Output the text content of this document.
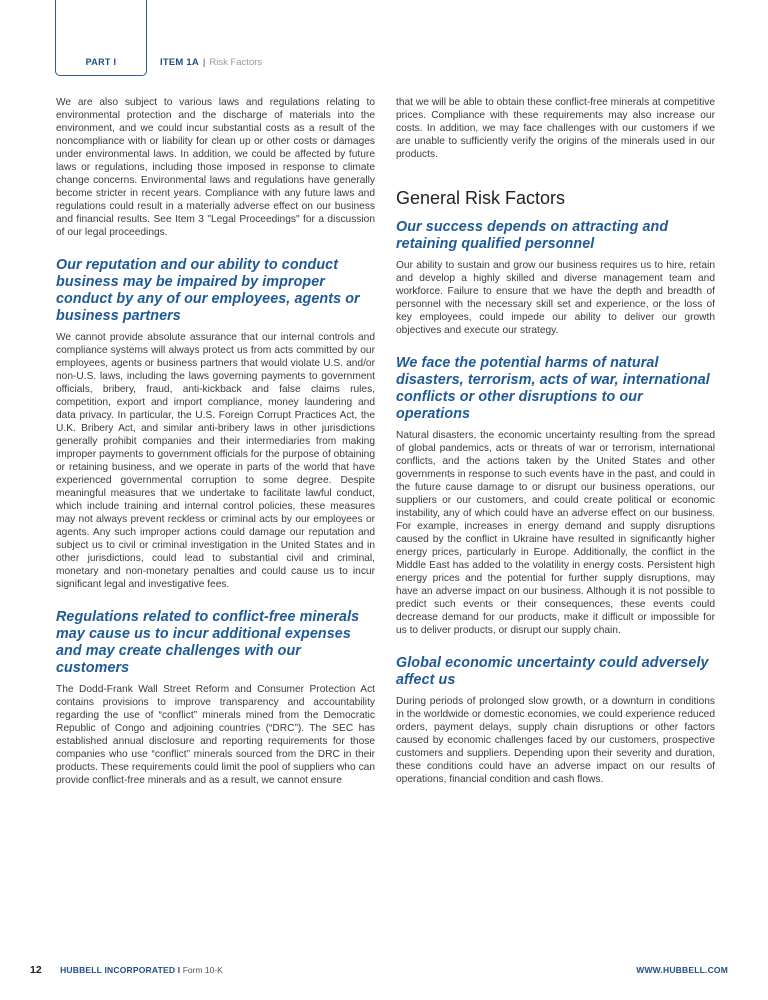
PART I	ITEM 1A | Risk Factors

We are also subject to various laws and regulations relating to environmental protection and the discharge of materials into the environment, and we could incur substantial costs as a result of the noncompliance with or liability for clean up or other costs or damages under environmental laws. In addition, we could be affected by future laws or regulations, including those imposed in response to climate change concerns. Environmental laws and regulations have generally become stricter in recent years. Compliance with any future laws and regulations could result in a materially adverse effect on our business and financial results. See Item 3 "Legal Proceedings" for a discussion of our legal proceedings.

Our reputation and our ability to conduct business may be impaired by improper conduct by any of our employees, agents or business partners

We cannot provide absolute assurance that our internal controls and compliance systems will always protect us from acts committed by our employees, agents or business partners that would violate U.S. and/or non-U.S. laws, including the laws governing payments to government officials, bribery, fraud, anti-kickback and false claims rules, competition, export and import compliance, money laundering and data privacy. In particular, the U.S. Foreign Corrupt Practices Act, the U.K. Bribery Act, and similar anti-bribery laws in other jurisdictions generally prohibit companies and their intermediaries from making improper payments to government officials for the purpose of obtaining or retaining business, and we operate in parts of the world that have experienced governmental corruption to some degree. Despite meaningful measures that we undertake to facilitate lawful conduct, which include training and internal control policies, these measures may not always prevent reckless or criminal acts by our employees or agents. Any such improper actions could damage our reputation and subject us to civil or criminal investigation in the United States and in other jurisdictions, could lead to substantial civil and criminal, monetary and non-monetary penalties and could cause us to incur significant legal and investigative fees.

Regulations related to conflict-free minerals may cause us to incur additional expenses and may create challenges with our customers

The Dodd-Frank Wall Street Reform and Consumer Protection Act contains provisions to improve transparency and accountability regarding the use of “conflict” minerals mined from the Democratic Republic of Congo and adjoining countries (“DRC”). The SEC has established annual disclosure and reporting requirements for those companies who use “conflict” minerals sourced from the DRC in their products. These requirements could limit the pool of suppliers who can provide conflict-free minerals and as a result, we cannot ensure

that we will be able to obtain these conflict-free minerals at competitive prices. Compliance with these requirements may also increase our costs. In addition, we may face challenges with our customers if we are unable to sufficiently verify the origins of the minerals used in our products.

General Risk Factors
Our success depends on attracting and retaining qualified personnel

Our ability to sustain and grow our business requires us to hire, retain and develop a highly skilled and diverse management team and workforce. Failure to ensure that we have the depth and breadth of personnel with the necessary skill set and experience, or the loss of key employees, could impede our ability to deliver our growth objectives and execute our strategy.

We face the potential harms of natural disasters, terrorism, acts of war, international conflicts or other disruptions to our operations

Natural disasters, the economic uncertainty resulting from the spread of global pandemics, acts or threats of war or terrorism, international conflicts, and the actions taken by the United States and other governments in response to such events have in the past, and could in the future cause damage to or disrupt our business operations, our suppliers or our customers, and could create political or economic instability, any of which could have an adverse effect on our business. For example, increases in energy demand and supply disruptions caused by the conflict in Ukraine have resulted in significantly higher energy prices, particularly in Europe. Additionally, the conflict in the Middle East has added to the volatility in energy costs. Persistent high energy prices and the potential for further supply disruptions, may have an adverse impact on our business. Although it is not possible to predict such events or their consequences, these events could decrease demand for our products, make it difficult or impossible for us to deliver products, or disrupt our supply chain.

Global economic uncertainty could adversely affect us

During periods of prolonged slow growth, or a downturn in conditions in the worldwide or domestic economies, we could experience reduced orders, payment delays, supply chain disruptions or other factors caused by economic challenges faced by our customers, prospective customers and suppliers. Depending upon their severity and duration, these conditions could have an adverse impact on our results of operations, financial condition and cash flows.

12 HUBBELL INCORPORATED I Form 10-K	WWW.HUBBELL.COM
